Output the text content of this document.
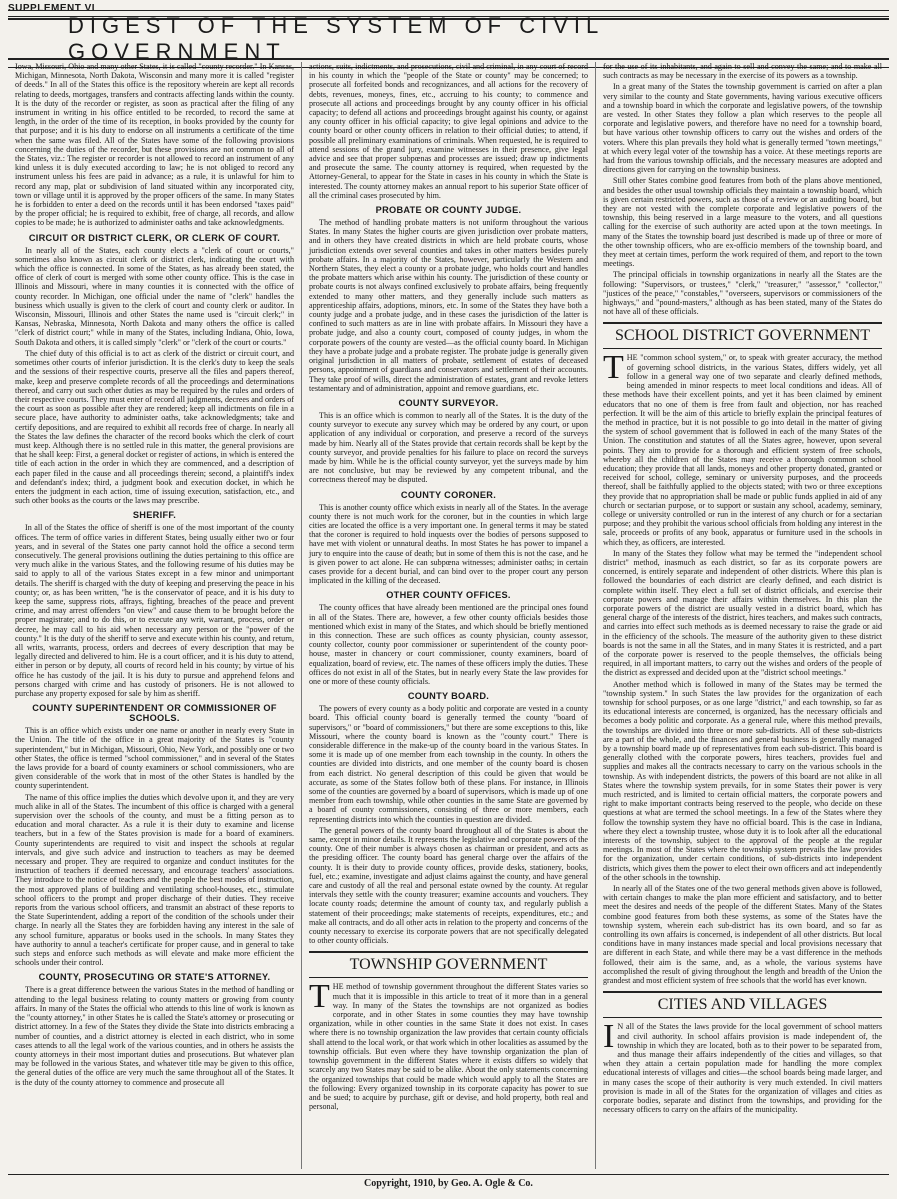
SUPPLEMENT VI
DIGEST OF THE SYSTEM OF CIVIL GOVERNMENT

Iowa, Missouri, Ohio and many other States, it is called "county recorder." In Kansas, Michigan, Minnesota, North Dakota, Wisconsin and many more it is called "register of deeds." In all of the States this office is the repository wherein are kept all records relating to deeds, mortgages, transfers and contracts affecting lands within the county. It is the duty of the recorder or register, as soon as practical after the filing of any instrument in writing in his office entitled to be recorded, to record the same at length, in the order of the time of its reception, in books provided by the county for that purpose; and it is his duty to endorse on all instruments a certificate of the time when the same was filed. All of the States have some of the following provisions concerning the duties of the recorder, but these provisions are not common to all of the States, viz.: The register or recorder is not allowed to record an instrument of any kind unless it is duly executed according to law; he is not obliged to record any instrument unless his fees are paid in advance; as a rule, it is unlawful for him to record any map, plat or subdivision of land situated within any incorporated city, town or village until it is approved by the proper officers of the same. In many States he is forbidden to enter a deed on the records until it has been endorsed "taxes paid" by the proper official; he is required to exhibit, free of charge, all records, and allow copies to be made; he is authorized to administer oaths and take acknowledgments.

CIRCUIT OR DISTRICT CLERK, OR CLERK OF COURT.

In nearly all of the States, each county elects a "clerk of court or courts," sometimes also known as circuit clerk or district clerk, indicating the court with which the office is connected. In some of the States, as has already been stated, the office of clerk of court is merged with some other county office. This is the case in Illinois and Missouri, where in many counties it is connected with the office of county recorder. In Michigan, one official under the name of "clerk" handles the business which usually is given to the clerk of court and county clerk or auditor. In Wisconsin, Missouri, Illinois and other States the name used is "circuit clerk;" in Kansas, Nebraska, Minnesota, North Dakota and many others the office is called "clerk of district court;" while in many of the States, including Indiana, Ohio, Iowa, South Dakota and others, it is called simply "clerk" or "clerk of the court or courts."

The chief duty of this official is to act as clerk of the district or circuit court, and sometimes other courts of inferior jurisdiction. It is the clerk's duty to keep the seals and the sessions of their respective courts, preserve all the files and papers thereof, make, keep and preserve complete records of all the proceedings and determinations thereof, and carry out such other duties as may be required by the rules and orders of their respective courts. They must enter of record all judgments, decrees and orders of the court as soon as possible after they are rendered; keep all indictments on file in a secure place, have authority to administer oaths, take acknowledgments; take and certify depositions, and are required to exhibit all records free of charge. In nearly all the States the law defines the character of the record books which the clerk of court must keep. Although there is no settled rule in this matter, the general provisions are that he shall keep: First, a general docket or register of actions, in which is entered the title of each action in the order in which they are commenced, and a description of each paper filed in the cause and all proceedings therein; second, a plaintiff's index and defendant's index; third, a judgment book and execution docket, in which he enters the judgment in each action, time of issuing execution, satisfaction, etc., and such other books as the courts or the laws may prescribe.

SHERIFF.

In all of the States the office of sheriff is one of the most important of the county offices. The term of office varies in different States, being usually either two or four years, and in several of the States one party cannot hold the office a second term consecutively. The general provisions outlining the duties pertaining to this office are very much alike in the various States, and the following resume of his duties may be said to apply to all of the various States except in a few minor and unimportant details. The sheriff is charged with the duty of keeping and preserving the peace in his county; or, as has been written, "he is the conservator of peace, and it is his duty to keep the same, suppress riots, affrays, fighting, breaches of the peace and prevent crime, and may arrest offenders "on view" and cause them to be brought before the proper magistrate; and to do this, or to execute any writ, warrant, process, order or decree, he may call to his aid when necessary any person or the "power of the county." It is the duty of the sheriff to serve and execute within his county, and return, all writs, warrants, process, orders and decrees of every description that may be legally directed and delivered to him. He is a court officer, and it is his duty to attend, either in person or by deputy, all courts of record held in his county; by virtue of his office he has custody of the jail. It is his duty to pursue and apprehend felons and persons charged with crime and has custody of prisoners. He is not allowed to purchase any property exposed for sale by him as sheriff.

COUNTY SUPERINTENDENT OR COMMISSIONER OF SCHOOLS.

This is an office which exists under one name or another in nearly every State in the Union. The title of the office in a great majority of the States is "county superintendent," but in Michigan, Missouri, Ohio, New York, and possibly one or two other States, the office is termed "school commissioner," and in several of the States the laws provide for a board of county examiners or school commissioners, who are given considerable of the work that in most of the other States is handled by the county superintendent.

The name of this office implies the duties which devolve upon it, and they are very much alike in all of the States. The incumbent of this office is charged with a general supervision over the schools of the county, and must be a fitting person as to education and moral character. As a rule it is their duty to examine and license teachers, but in a few of the States provision is made for a board of examiners. County superintendents are required to visit and inspect the schools at regular intervals, and give such advice and instruction to teachers as may be deemed necessary and proper. They are required to organize and conduct institutes for the instruction of teachers if deemed necessary, and encourage teachers' associations. They introduce to the notice of teachers and the people the best modes of instruction, the most approved plans of building and ventilating school-houses, etc., stimulate school officers to the prompt and proper discharge of their duties. They receive reports from the various school officers, and transmit an abstract of these reports to the State Superintendent, adding a report of the condition of the schools under their charge. In nearly all the States they are forbidden having any interest in the sale of any school furniture, apparatus or books used in the schools. In many States they have authority to annul a teacher's certificate for proper cause, and in general to take such steps and enforce such methods as will elevate and make more efficient the schools under their control.

COUNTY, PROSECUTING OR STATE'S ATTORNEY.

There is a great difference between the various States in the method of handling or attending to the legal business relating to county matters or growing from county affairs. In many of the States the official who attends to this line of work is known as the "county attorney," in other States he is called the State's attorney or prosecuting or district attorney. In a few of the States they divide the State into districts embracing a number of counties, and a district attorney is elected in each district, who in some cases attends to all the legal work of the various counties, and in others he assists the county attorneys in their most important duties and prosecutions. But whatever plan may be followed in the various States, and whatever title may be given to this office, the general duties of the office are very much the same throughout all of the States. It is the duty of the county attorney to commence and prosecute all

actions, suits, indictments, and prosecutions, civil and criminal, in any court of record in his county in which the "people of the State or county" may be concerned; to prosecute all forfeited bonds and recognizances, and all actions for the recovery of debts, revenues, moneys, fines, etc., accruing to his county; to commence and prosecute all actions and proceedings brought by any county officer in his official capacity; to defend all actions and proceedings brought against his county, or against any county officer in his official capacity; to give legal opinions and advice to the county board or other county officers in relation to their official duties; to attend, if possible all preliminary examinations of criminals. When requested, he is required to attend sessions of the grand jury, examine witnesses in their presence, give legal advice and see that proper subpœnas and processes are issued; draw up indictments and prosecute the same. The county attorney is required, when requested by the Attorney-General, to appear for the State in cases in his county in which the State is interested. The county attorney makes an annual report to his superior State officer of all the criminal cases prosecuted by him.

PROBATE OR COUNTY JUDGE.

The method of handling probate matters is not uniform throughout the various States. In many States the higher courts are given jurisdiction over probate matters, and in others they have created districts in which are held probate courts, whose jurisdiction extends over several counties and takes in other matters besides purely probate affairs. In a majority of the States, however, particularly the Western and Northern States, they elect a county or a probate judge, who holds court and handles the probate matters which arise within his county. The jurisdiction of these county or probate courts is not always confined exclusively to probate affairs, being frequently extended to many other matters, and they generally include such matters as apprenticeship affairs, adoptions, minors, etc. In some of the States they have both a county judge and a probate judge, and in these cases the jurisdiction of the latter is confined to such matters as are in line with probate affairs. In Missouri they have a probate judge, and also a county court, composed of county judges, in whom the corporate powers of the county are vested—as the official county board. In Michigan they have a probate judge and a probate register. The probate judge is generally given original jurisdiction in all matters of probate, settlement of estates of deceased persons, appointment of guardians and conservators and settlement of their accounts. They take proof of wills, direct the administration of estates, grant and revoke letters testamentary and of administration, appoint and remove guardians, etc.

COUNTY SURVEYOR.

This is an office which is common to nearly all of the States. It is the duty of the county surveyor to execute any survey which may be ordered by any court, or upon application of any individual or corporation, and preserve a record of the surveys made by him. Nearly all of the States provide that certain records shall be kept by the county surveyor, and provide penalties for his failure to place on record the surveys made by him. While he is the official county surveyor, yet the surveys made by him are not conclusive, but may be reviewed by any competent tribunal, and the correctness thereof may be disputed.

COUNTY CORONER.

This is another county office which exists in nearly all of the States. In the average county there is not much work for the coroner, but in the counties in which large cities are located the office is a very important one. In general terms it may be stated that the coroner is required to hold inquests over the bodies of persons supposed to have met with violent or unnatural deaths. In most States he has power to impanel a jury to enquire into the cause of death; but in some of them this is not the case, and he is given power to act alone. He can subpœna witnesses; administer oaths; in certain cases provide for a decent burial, and can bind over to the proper court any person implicated in the killing of the deceased.

OTHER COUNTY OFFICES.

The county offices that have already been mentioned are the principal ones found in all of the States. There are, however, a few other county officials besides those mentioned which exist in many of the States, and which should be briefly mentioned in this connection. These are such offices as county physician, county assessor, county collector, county poor commissioner or superintendent of the county poor-house, master in chancery or court commissioner, county examiners, board of equalization, board of review, etc. The names of these officers imply the duties. These offices do not exist in all of the States, but in nearly every State the law provides for one or more of these county officials.

COUNTY BOARD.

The powers of every county as a body politic and corporate are vested in a county board. This official county board is generally termed the county "board of supervisors," or "board of commissioners," but there are some exceptions to this, like Missouri, where the county board is known as the "county court." There is considerable difference in the make-up of the county board in the various States. In some it is made up of one member from each township in the county. In others the counties are divided into districts, and one member of the county board is chosen from each district. No general description of this could be given that would be accurate, as some of the States follow both of these plans. For instance, in Illinois some of the counties are governed by a board of supervisors, which is made up of one member from each township, while other counties in the same State are governed by a board of county commissioners, consisting of three or more members, each representing districts into which the counties in question are divided.

The general powers of the county board throughout all of the States is about the same, except in minor details. It represents the legislative and corporate powers of the county. One of their number is always chosen as chairman or president, and acts as the presiding officer. The county board has general charge over the affairs of the county. It is their duty to provide county offices, provide desks, stationery, books, fuel, etc.; examine, investigate and adjust claims against the county, and have general care and custody of all the real and personal estate owned by the county. At regular intervals they settle with the county treasurer; examine accounts and vouchers. They locate county roads; determine the amount of county tax, and regularly publish a statement of their proceedings; make statements of receipts, expenditures, etc.; and make all contracts, and do all other acts in relation to the property and concerns of the county necessary to exercise its corporate powers that are not specifically delegated to other county officials.

TOWNSHIP GOVERNMENT

THE method of township government throughout the different States varies so much that it is impossible in this article to treat of it more than in a general way. In many of the States the townships are not organized as bodies corporate, and in other States in some counties they may have township organization, while in other counties in the same State it does not exist. In cases where there is no township organization the law provides that certain county officials shall attend to the local work, or that work which in other localities as assumed by the township officials. But even where they have township organization the plan of township government in the different States where it exists differs so widely that scarcely any two States may be said to be alike. About the only statements concerning the organized townships that could be made which would apply to all the States are the following: Every organized township in its corporate capacity has power to sue and be sued; to acquire by purchase, gift or devise, and hold property, both real and personal,

for the use of its inhabitants, and again to sell and convey the same; and to make all such contracts as may be necessary in the exercise of its powers as a township.

In a great many of the States the township government is carried on after a plan very similar to the county and State governments, having various executive officers and a township board in which the corporate and legislative powers, of the township are vested. In other States they follow a plan which reserves to the people all corporate and legislative powers, and therefore have no need for a township board, but have various other township officers to carry out the wishes and orders of the voters. Where this plan prevails they hold what is generally termed "town meetings," at which every legal voter of the township has a voice. At these meetings reports are had from the various township officials, and the necessary measures are adopted and directions given for carrying on the township business.

Still other States combine good features from both of the plans above mentioned, and besides the other usual township officials they maintain a township board, which is given certain restricted powers, such as those of a review or an auditing board, but they are not vested with the complete corporate and legislative powers of the township, this being reserved in a large measure to the voters, and all questions calling for the exercise of such authority are acted upon at the town meetings. In many of the States the township board just described is made up of three or more of the other township officers, who are ex-officio members of the township board, and they meet at certain times, perform the work required of them, and report to the town meetings.

The principal officials in township organizations in nearly all the States are the following: "Supervisors, or trustees," "clerk," "treasurer," "assessor," "collector," "justices of the peace," "constables," "overseers, supervisors or commissioners of the highways," and "pound-masters," although as has been stated, many of the States do not have all of these officials.

SCHOOL DISTRICT GOVERNMENT

THE "common school system," or, to speak with greater accuracy, the method of governing school districts, in the various States, differs widely, yet all follow in a general way one of two separate and clearly defined methods, being amended in minor respects to meet local conditions and ideas. All of these methods have their excellent points, and yet it has been claimed by eminent educators that no one of them is free from fault and objection, nor has reached perfection. It will be the aim of this article to briefly explain the principal features of the method in practice, but it is not possible to go into detail in the matter of giving the system of school government that is followed in each of the many States of the Union. The constitution and statutes of all the States agree, however, upon several points. They aim to provide for a thorough and efficient system of free schools, whereby all the children of the States may receive a thorough common school education; they provide that all lands, moneys and other property donated, granted or received for school, college, seminary or university purposes, and the proceeds thereof, shall be faithfully applied to the objects stated; with two or three exceptions they provide that no appropriation shall be made or public funds applied in aid of any church or sectarian purpose, or to support or sustain any school, academy, seminary, college or university controlled or run in the interest of any church or for a sectarian purpose; and they prohibit the various school officials from holding any interest in the sale, proceeds or profits of any book, apparatus or furniture used in the schools in which they, as officers, are interested.

In many of the States they follow what may be termed the "independent school district" method, inasmuch as each district, so far as its corporate powers are concerned, is entirely separate and independent of other districts. Where this plan is followed the boundaries of each district are clearly defined, and each district is complete within itself. They elect a full set of district officials, and exercise their corporate powers and manage their affairs within themselves. In this plan the corporate powers of the district are usually vested in a district board, which has general charge of the interests of the district, hires teachers, and makes such contracts, and carries into effect such methods as is deemed necessary to raise the grade or aid in the efficiency of the schools. The measure of the authority given to these district boards is not the same in all the States, and in many States it is restricted, and a part of the corporate power is reserved to the people themselves, the officials being required, in all important matters, to carry out the wishes and orders of the people of the district as expressed and decided upon at the "district school meetings."

Another method which is followed in many of the States may be termed the "township system." In such States the law provides for the organization of each township for school purposes, or as one large "district," and each township, so far as its educational interests are concerned, is organized, has the necessary officials and becomes a body politic and corporate. As a general rule, where this method prevails, the townships are divided into three or more sub-districts. All of these sub-districts are a part of the whole, and the finances and general business is generally managed by a township board made up of representatives from each sub-district. This board is generally clothed with the corporate powers, hires teachers, provides fuel and supplies and makes all the contracts necessary to carry on the various schools in the township. As with independent districts, the powers of this board are not alike in all States where the township system prevails, for in some States their power is very much restricted, and is limited to certain official matters, the corporate powers and right to make important contracts being reserved to the people, who decide on these questions at what are termed the school meetings. In a few of the States where they follow the township system they have no official board. This is the case in Indiana, where they elect a township trustee, whose duty it is to look after all the educational interests of the township, subject to the approval of the people at the regular meetings. In most of the States where the township system prevails the law provides for the organization, under certain conditions, of sub-districts into independent districts, which gives them the power to elect their own officers and act independently of the other schools in the township.

In nearly all of the States one of the two general methods given above is followed, with certain changes to make the plan more efficient and satisfactory, and to better meet the desires and needs of the people of the different States. Many of the States combine good features from both these systems, as some of the States have the township system, wherein each sub-district has its own board, and so far as controlling its own affairs is concerned, is independent of all other districts. But local conditions have in many instances made special and local provisions necessary that are different in each State, and while there may be a vast difference in the methods followed, their aim is the same, and, as a whole, the various systems have accomplished the result of giving throughout the length and breadth of the Union the grandest and most efficient system of free schools that the world has ever known.

CITIES AND VILLAGES

I N all of the States the laws provide for the local government of school matters and civil authority. In school affairs provision is made independent of, the township in which they are located, both as to their power to be separated from, and thus manage their affairs independently of the cities and villages, so that when they attain a certain population made for handling the more complex educational interests of villages and cities—the school boards being made larger, and in many cases the scope of their authority is very much extended. In civil matters provision is made in all of the States for the organization of villages and cities as corporate bodies, separate and distinct from the townships, and providing for the necessary officers to carry on the affairs of the municipality.

Copyright, 1910, by Geo. A. Ogle & Co.
